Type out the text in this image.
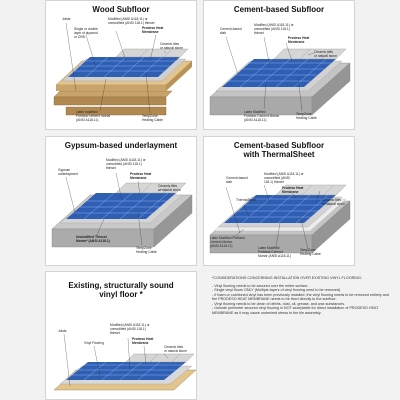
Wood Subfloor
Joists
Single or double
layer of plywood
or OSB
Modified (ANSI A118.11) or
unmodified (ANSI 118.1) thinset
Prodeso Heat
Membrane
Ceramic tiles
or natural stone
Latex modified
Portland cement mortar
(ANSI A118.11)
TempZone
Heating Cable
Cement-based Subfloor
Cement-based
slab
Modified (ANSI A118.11) or
unmodified (ANSI 118.1)
thinset
Prodeso Heat
Membrane
Ceramic tiles
or natural stone
Latex Modified
Portland Cement Mortar
(ANSI A118.11)
TempZone
Heating Cable
Gypsum-based underlayment
Gypsum
underlayment
Modified (ANSI A118.11) or
unmodified (ANSI 118.1)
thinset
Prodeso Heat
Membrane
Ceramic tiles
or natural stone
Unmodified Thinset
Mortar* (ANSI A118.1)
TempZone
Heating Cable
Cement-based Subfloor
with ThermalSheet
Cement-based
slab
Modified (ANSI A118.11) or
unmodified (ANSI
118.1) thinset
ThermaSheet
Prodeso Heat
Membrane
Ceramic tiles
or natural stone
Latex Modified Portland
Cement Mortar
(ANSI A118.11)
Latex Modified
Portland Cement
Mortar (ANSI A118.11)
TempZone
Heating Cable
Existing, structurally sound
vinyl floor *
Joists
Vinyl Flooring
Modified (ANSI A118.11) or
unmodified (ANSI 118.1)
thinset
Prodeso Heat
Membrane
Ceramic tiles
or natural stone
*CONSIDERATIONS CONCERNING INSTALLATION OVER EXISTING VINYL FLOORING:

- Vinyl flooring needs to be secured over the entire surface.

- Single vinyl floors ONLY (Multiple layers of vinyl flooring need to be removed)

- If foam or cushioned vinyl has been previously installed, the vinyl flooring needs to be removed entirely and the PRODESO HEAT MEMBRANE needs to be fixed directly to the subfloor.

- Vinyl flooring needs to be clean of debris, dust, oil, grease, and wax substances.

- Outside perimeter secured vinyl flooring is NOT acceptable for direct installation of PRODESO HEAT MEMBRANE as it may cause undesired stress to the tile assembly.
